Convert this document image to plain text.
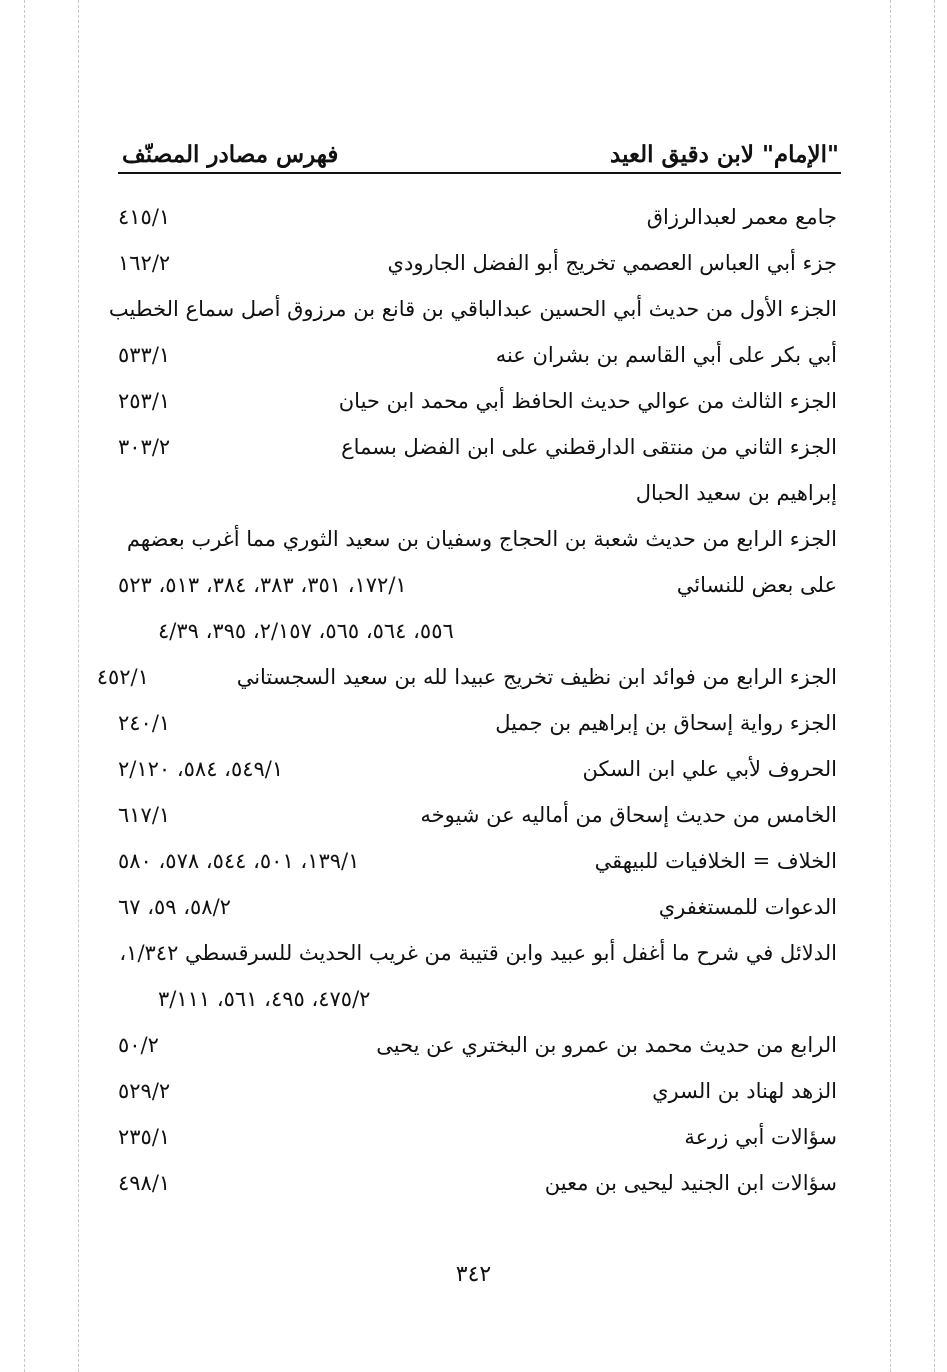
"الإمام" لابن دقيق العيد
فهرس مصادر المصنّف
جامع معمر لعبدالرزاق
٤١٥/١
جزء أبي العباس العصمي تخريج أبو الفضل الجارودي
١٦٢/٢
الجزء الأول من حديث أبي الحسين عبدالباقي بن قانع بن مرزوق أصل سماع الخطيب
أبي بكر على أبي القاسم بن بشران عنه
٥٣٣/١
الجزء الثالث من عوالي حديث الحافظ أبي محمد ابن حيان
٢٥٣/١
الجزء الثاني من منتقى الدارقطني على ابن الفضل بسماع
٣٠٣/٢
إبراهيم بن سعيد الحبال
الجزء الرابع من حديث شعبة بن الحجاج وسفيان بن سعيد الثوري مما أغرب بعضهم
على بعض للنسائي
١٧٢/١، ٣٥١، ٣٨٣، ٣٨٤، ٥١٣، ٥٢٣
٥٥٦، ٥٦٤، ٥٦٥، ٢/١٥٧، ٣٩٥، ٤/٣٩
الجزء الرابع من فوائد ابن نظيف تخريج عبيدا لله بن سعيد السجستاني
٤٥٢/١
الجزء رواية إسحاق بن إبراهيم بن جميل
٢٤٠/١
الحروف لأبي علي ابن السكن
٥٤٩/١، ٥٨٤، ٢/١٢٠
الخامس من حديث إسحاق من أماليه عن شيوخه
٦١٧/١
الخلاف = الخلافيات للبيهقي
١٣٩/١، ٥٠١، ٥٤٤، ٥٧٨، ٥٨٠
الدعوات للمستغفري
٥٨/٢، ٥٩، ٦٧
الدلائل في شرح ما أغفل أبو عبيد وابن قتيبة من غريب الحديث للسرقسطي ١/٣٤٢،
٤٧٥/٢، ٤٩٥، ٥٦١، ٣/١١١
الرابع من حديث محمد بن عمرو بن البختري عن يحيى
٥٠/٢
الزهد لهناد بن السري
٥٢٩/٢
سؤالات أبي زرعة
٢٣٥/١
سؤالات ابن الجنيد ليحيى بن معين
٤٩٨/١
٣٤٢
